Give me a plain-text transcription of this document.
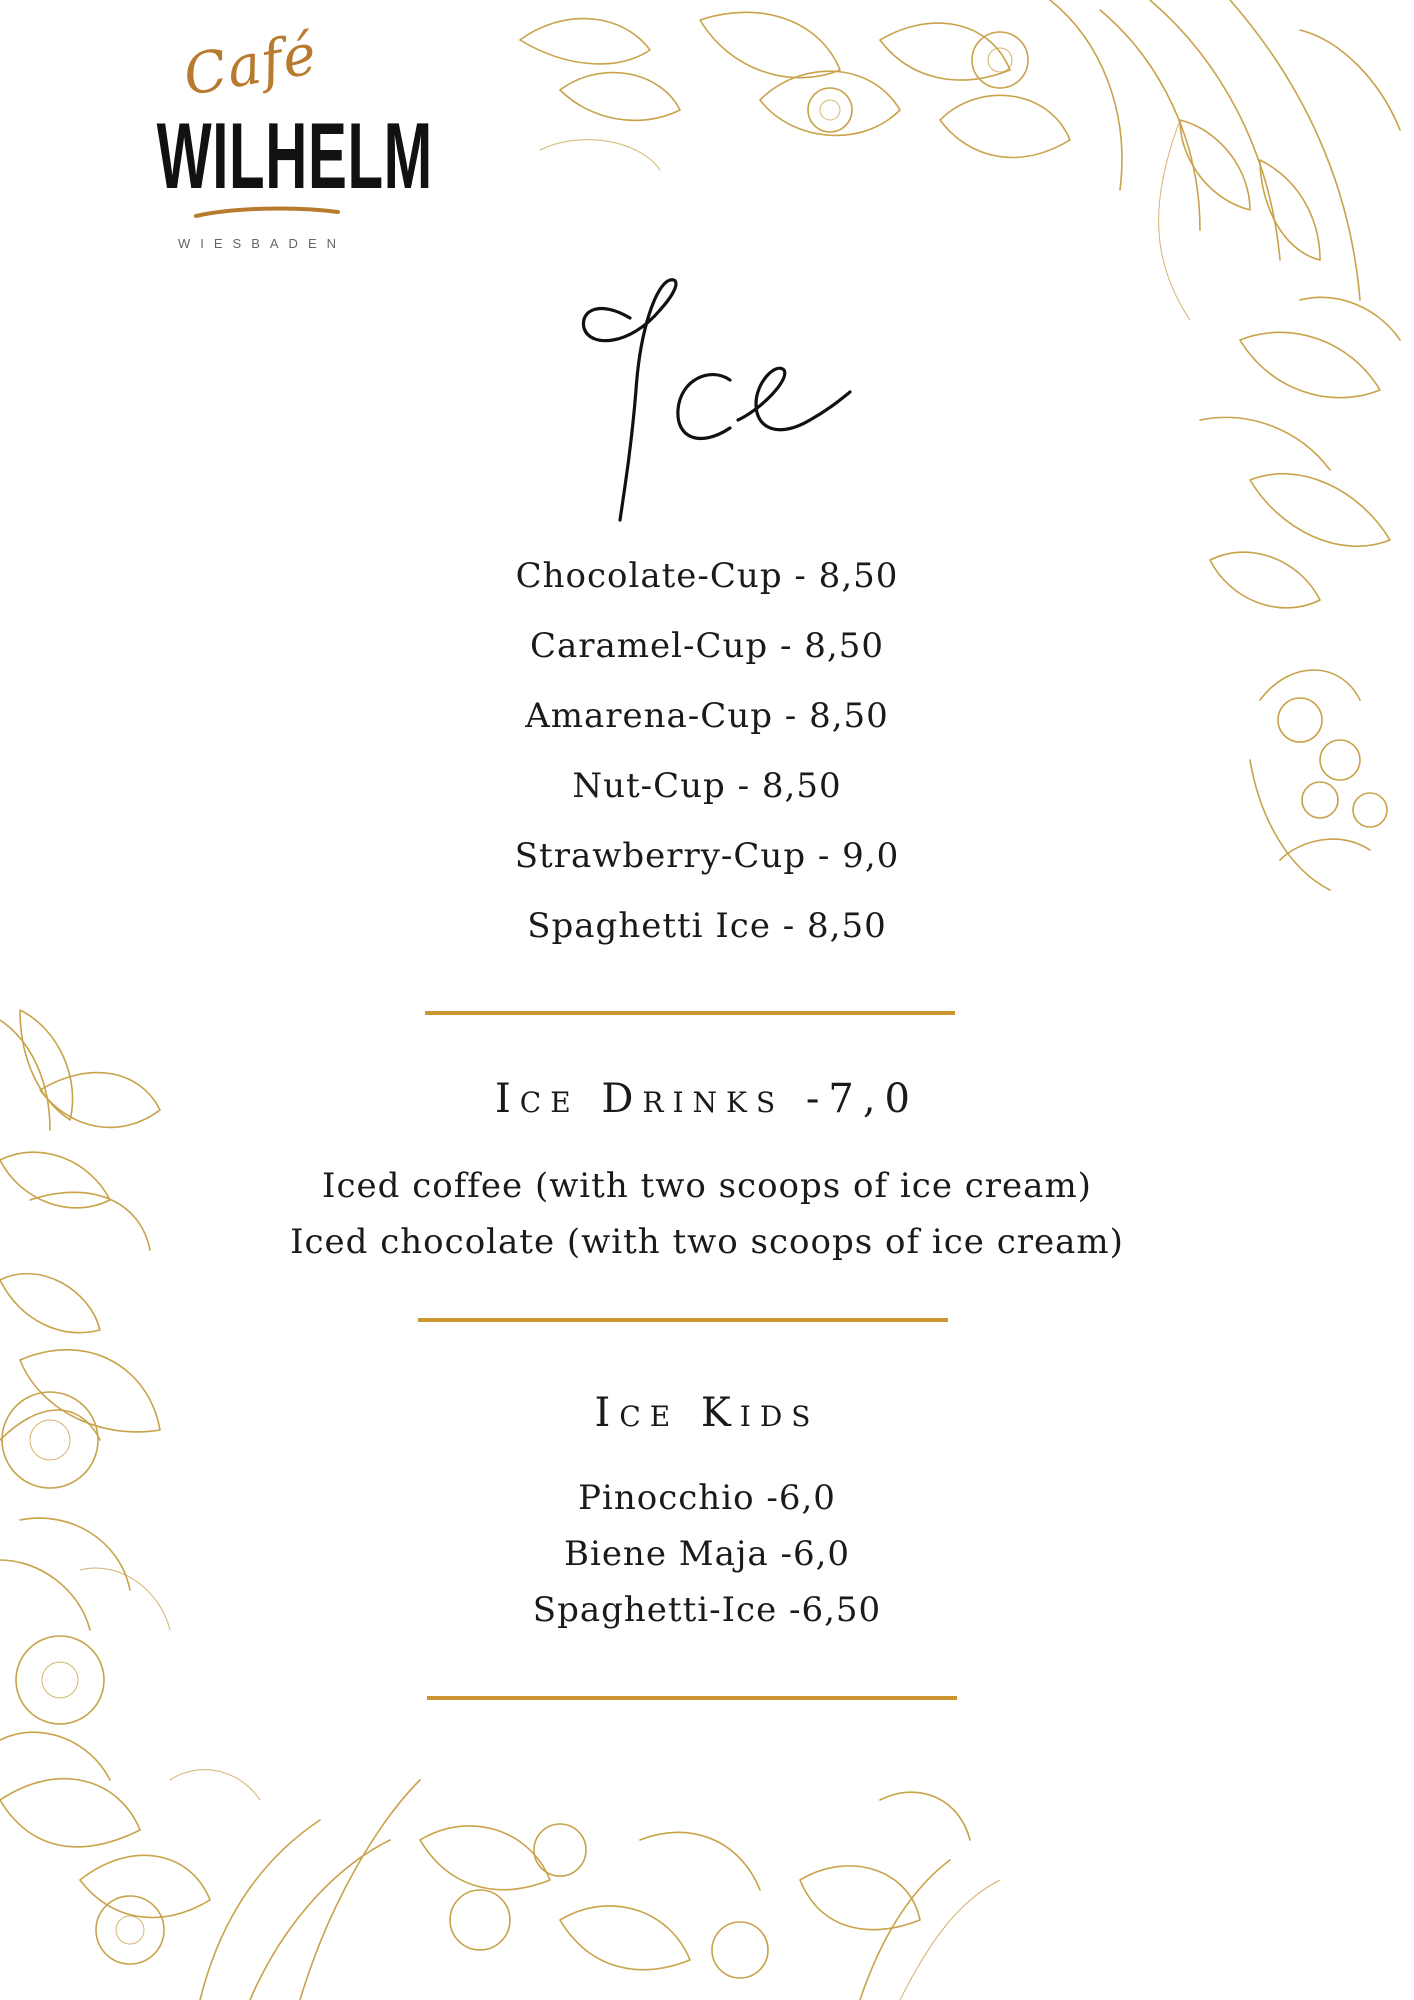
Café
WILHELM
WIESBADEN
Chocolate-Cup - 8,50
Caramel-Cup - 8,50
Amarena-Cup - 8,50
Nut-Cup - 8,50
Strawberry-Cup - 9,0
Spaghetti Ice - 8,50
Ice Drinks -7,0
Iced coffee (with two scoops of ice cream)
Iced chocolate (with two scoops of ice cream)
Ice Kids
Pinocchio -6,0
Biene Maja -6,0
Spaghetti-Ice -6,50
